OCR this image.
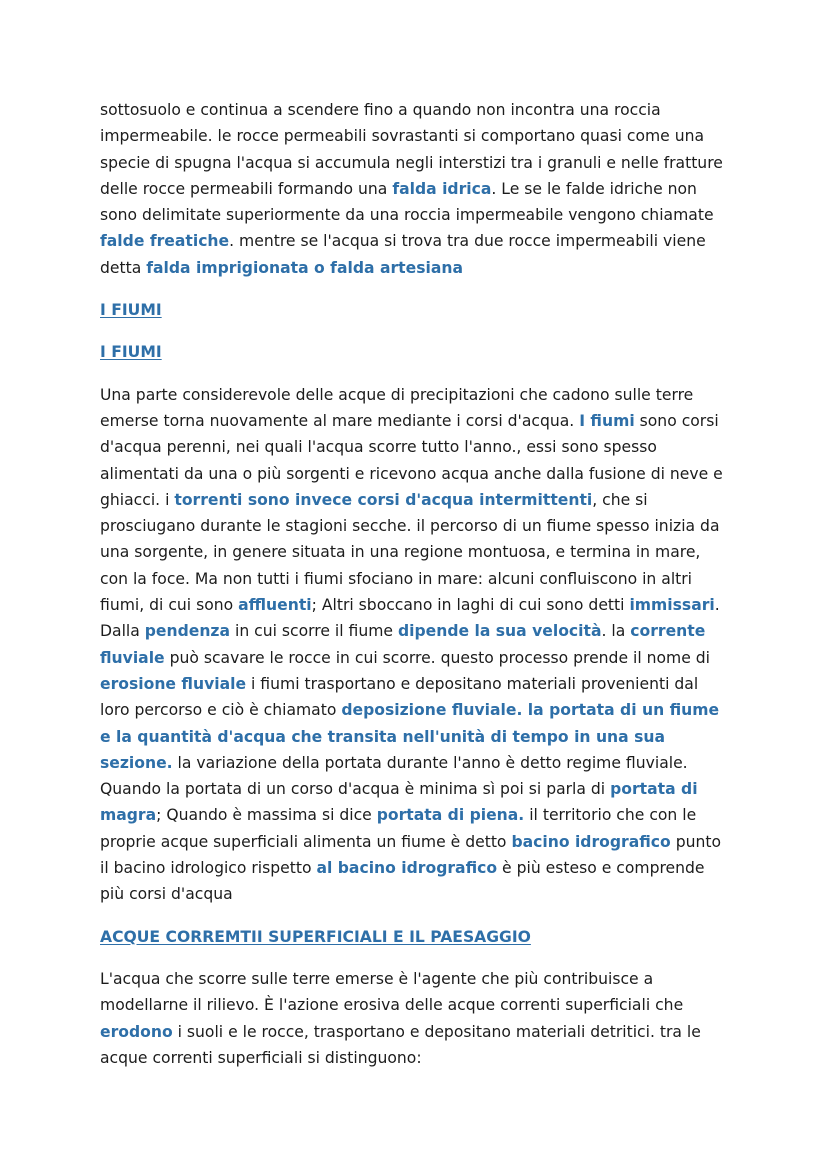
sottosuolo e continua a scendere fino a quando non incontra una roccia impermeabile. le rocce permeabili sovrastanti si comportano quasi come una specie di spugna l'acqua si accumula negli interstizi tra i granuli e nelle fratture delle rocce permeabili formando una falda idrica. Le se le falde idriche non sono delimitate superiormente da una roccia impermeabile vengono chiamate falde freatiche. mentre se l'acqua si trova tra due rocce impermeabili viene detta falda imprigionata o falda artesiana

I FIUMI
I FIUMI

Una parte considerevole delle acque di precipitazioni che cadono sulle terre emerse torna nuovamente al mare mediante i corsi d'acqua. I fiumi sono corsi d'acqua perenni, nei quali l'acqua scorre tutto l'anno., essi sono spesso alimentati da una o più sorgenti e ricevono acqua anche dalla fusione di neve e ghiacci. i torrenti sono invece corsi d'acqua intermittenti, che si prosciugano durante le stagioni secche. il percorso di un fiume spesso inizia da una sorgente, in genere situata in una regione montuosa, e termina in mare, con la foce. Ma non tutti i fiumi sfociano in mare: alcuni confluiscono in altri fiumi, di cui sono affluenti; Altri sboccano in laghi di cui sono detti immissari. Dalla pendenza in cui scorre il fiume dipende la sua velocità. la corrente fluviale può scavare le rocce in cui scorre. questo processo prende il nome di erosione fluviale i fiumi trasportano e depositano materiali provenienti dal loro percorso e ciò è chiamato deposizione fluviale. la portata di un fiume e la quantità d'acqua che transita nell'unità di tempo in una sua sezione. la variazione della portata durante l'anno è detto regime fluviale. Quando la portata di un corso d'acqua è minima sì poi si parla di portata di magra; Quando è massima si dice portata di piena. il territorio che con le proprie acque superficiali alimenta un fiume è detto bacino idrografico punto il bacino idrologico rispetto al bacino idrografico è più esteso e comprende più corsi d'acqua

ACQUE CORREMTII SUPERFICIALI E IL PAESAGGIO

L'acqua che scorre sulle terre emerse è l'agente che più contribuisce a modellarne il rilievo. È l'azione erosiva delle acque correnti superficiali che erodono i suoli e le rocce, trasportano e depositano materiali detritici. tra le acque correnti superficiali si distinguono:
